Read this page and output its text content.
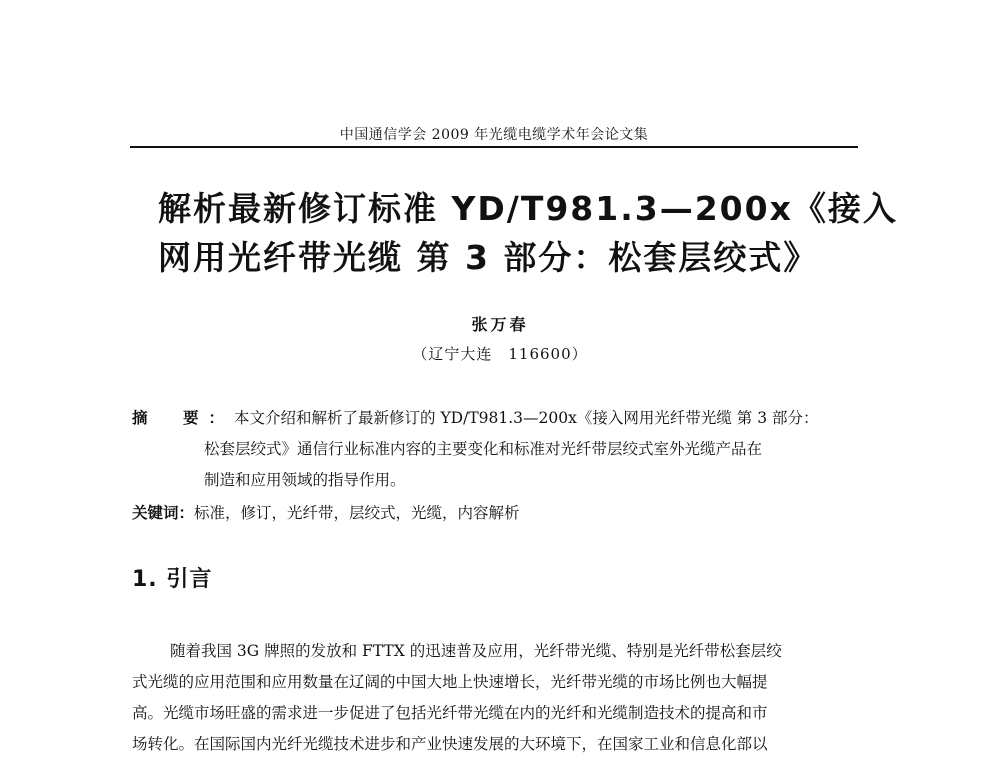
中国通信学会 2009 年光缆电缆学术年会论文集
解析最新修订标准 YD/T981.3—200x《接入
网用光纤带光缆 第 3 部分：松套层绞式》
张万春
（辽宁大连　116600）
摘　要：本文介绍和解析了最新修订的 YD/T981.3—200x《接入网用光纤带光缆 第 3 部分：
松套层绞式》通信行业标准内容的主要变化和标准对光纤带层绞式室外光缆产品在
制造和应用领域的指导作用。
关键词：标准，修订，光纤带，层绞式，光缆，内容解析
1. 引言
随着我国 3G 牌照的发放和 FTTX 的迅速普及应用，光纤带光缆、特别是光纤带松套层绞
式光缆的应用范围和应用数量在辽阔的中国大地上快速增长，光纤带光缆的市场比例也大幅提
高。光缆市场旺盛的需求进一步促进了包括光纤带光缆在内的光纤和光缆制造技术的提高和市
场转化。在国际国内光纤光缆技术进步和产业快速发展的大环境下，在国家工业和信息化部以
